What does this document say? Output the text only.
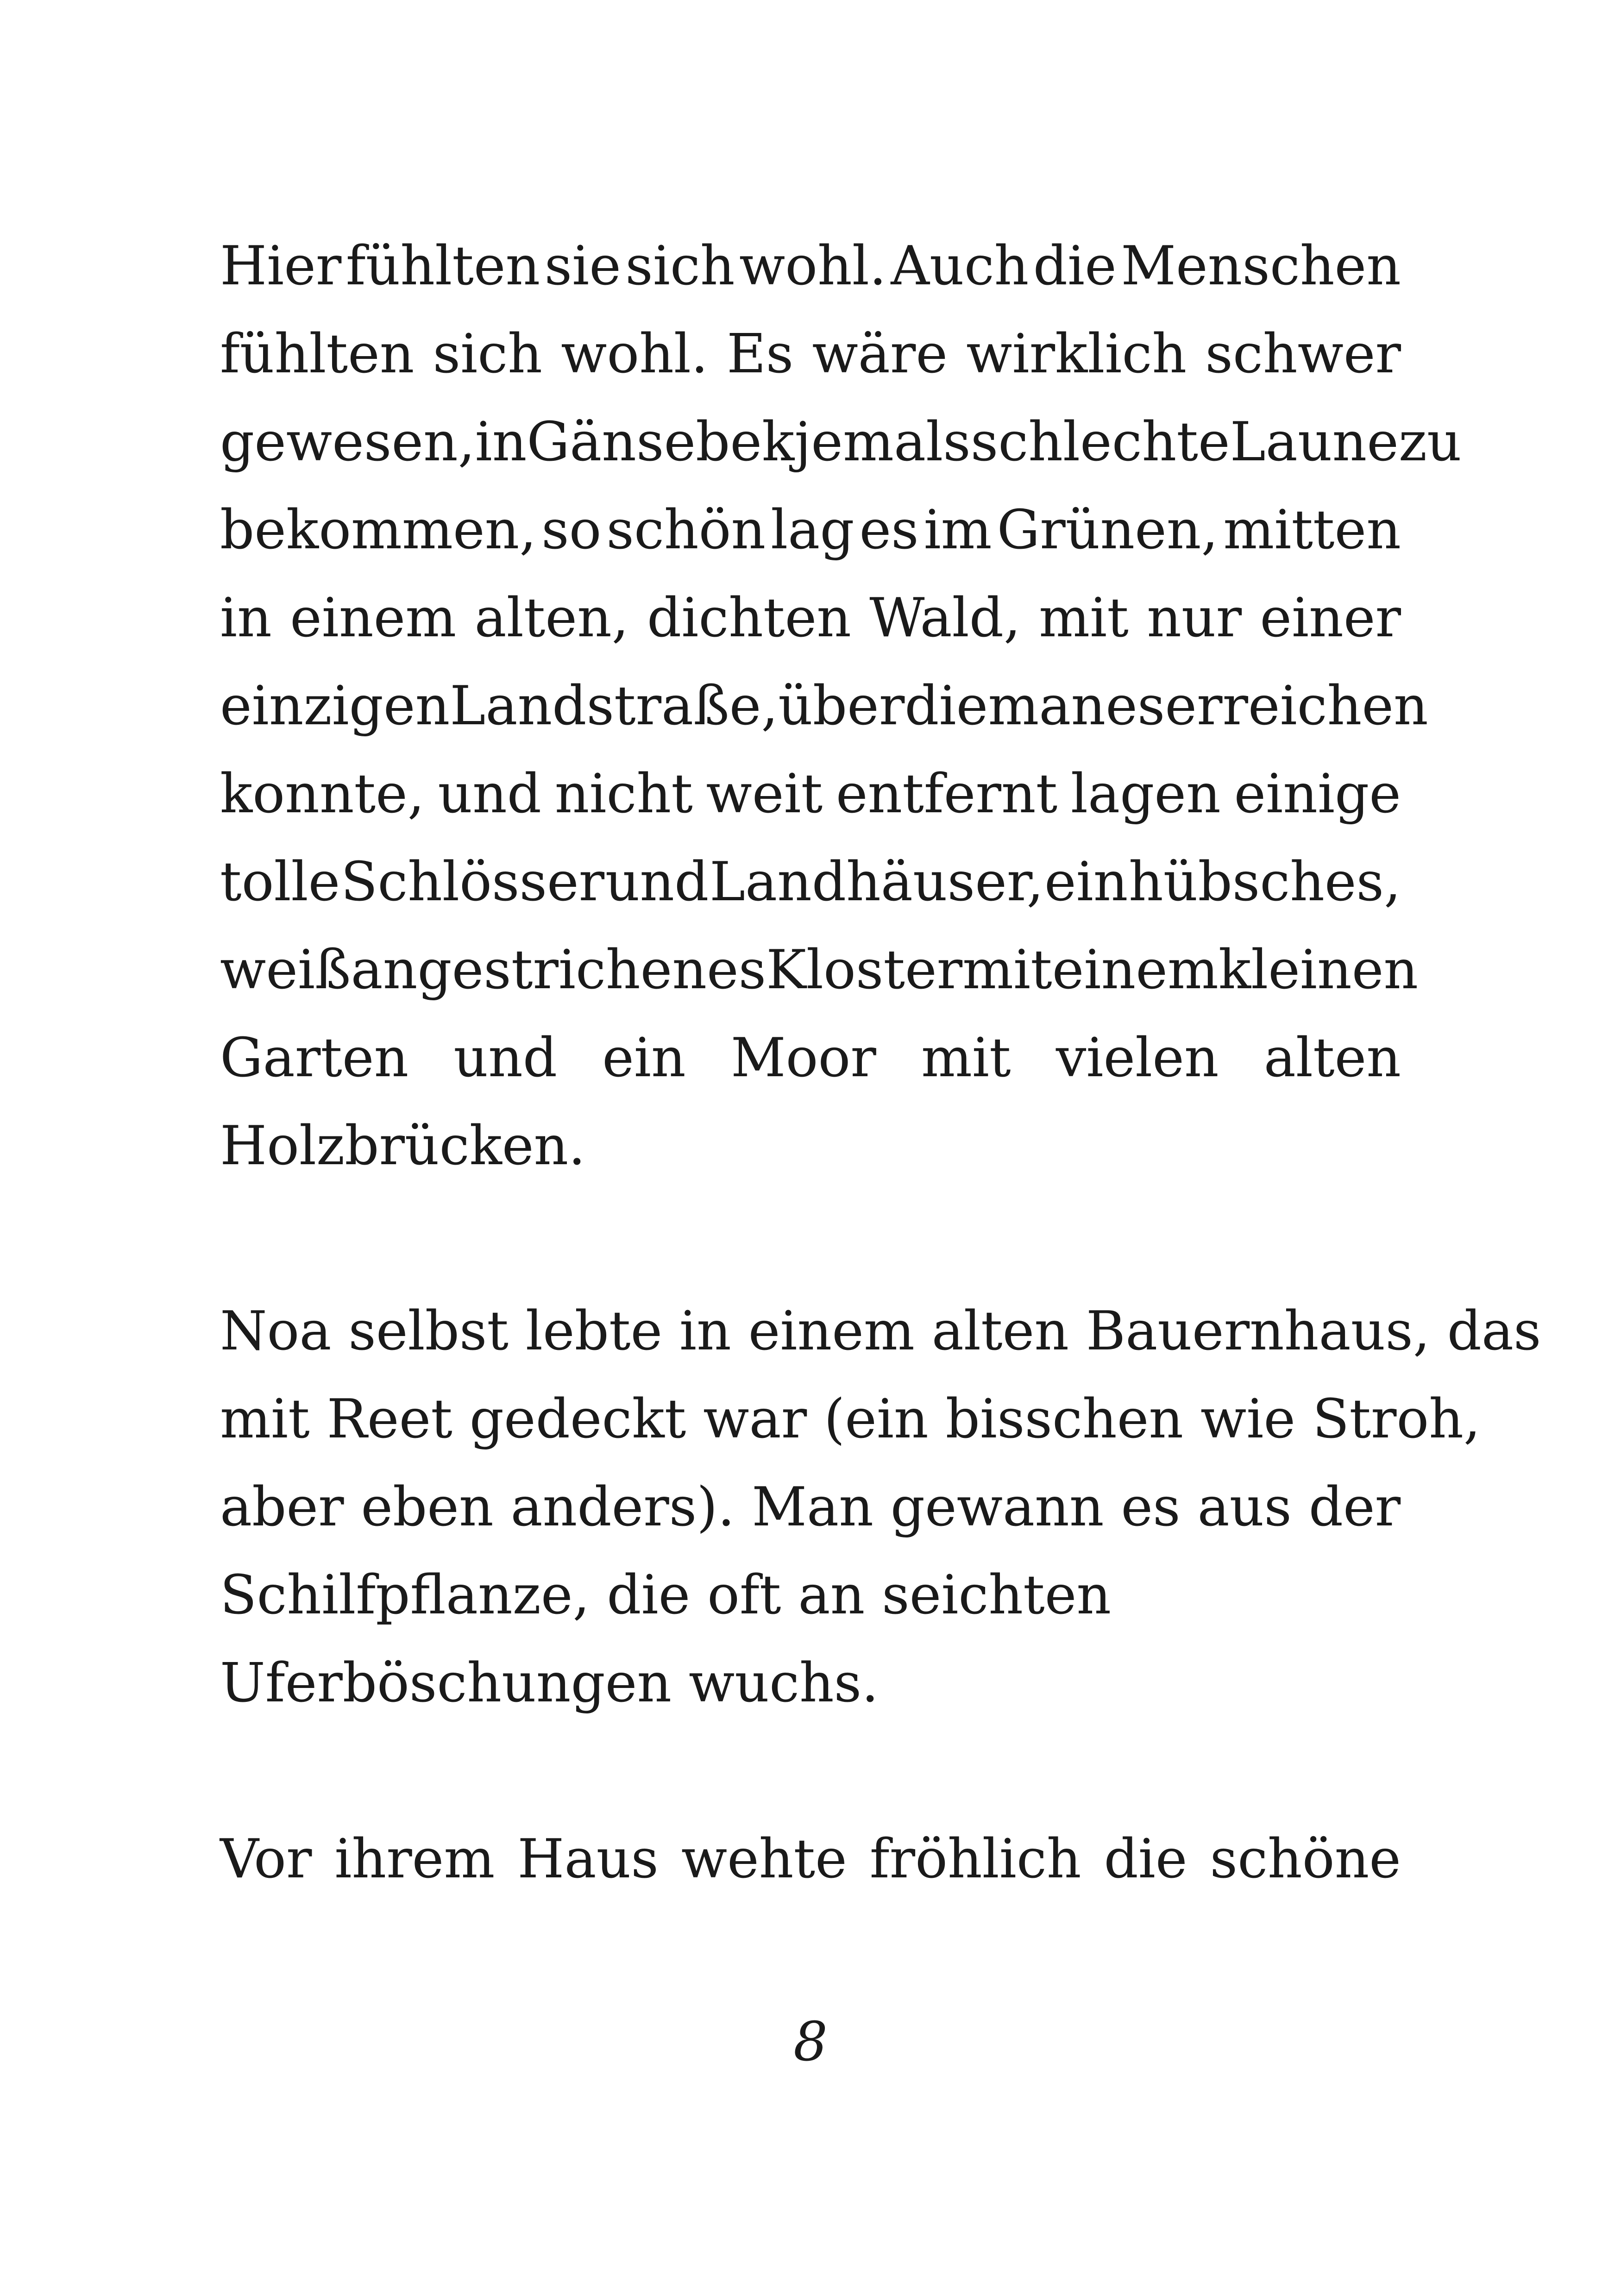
Hier fühlten sie sich wohl. Auch die Menschen
fühlten sich wohl. Es wäre wirklich schwer
gewesen, in Gänsebek jemals schlechte Laune zu
bekommen, so schön lag es im Grünen, mitten
in einem alten, dichten Wald, mit nur einer
einzigen Landstraße, über die man es erreichen
konnte, und nicht weit entfernt lagen einige
tolle Schlösser und Landhäuser, ein hübsches,
weiß angestrichenes Kloster mit einem kleinen
Garten und ein Moor mit vielen alten
Holzbrücken.
Noa selbst lebte in einem alten Bauernhaus, das
mit Reet gedeckt war (ein bisschen wie Stroh,
aber eben anders). Man gewann es aus der
Schilfpflanze, die oft an seichten
Uferböschungen wuchs.
Vor ihrem Haus wehte fröhlich die schöne
8
